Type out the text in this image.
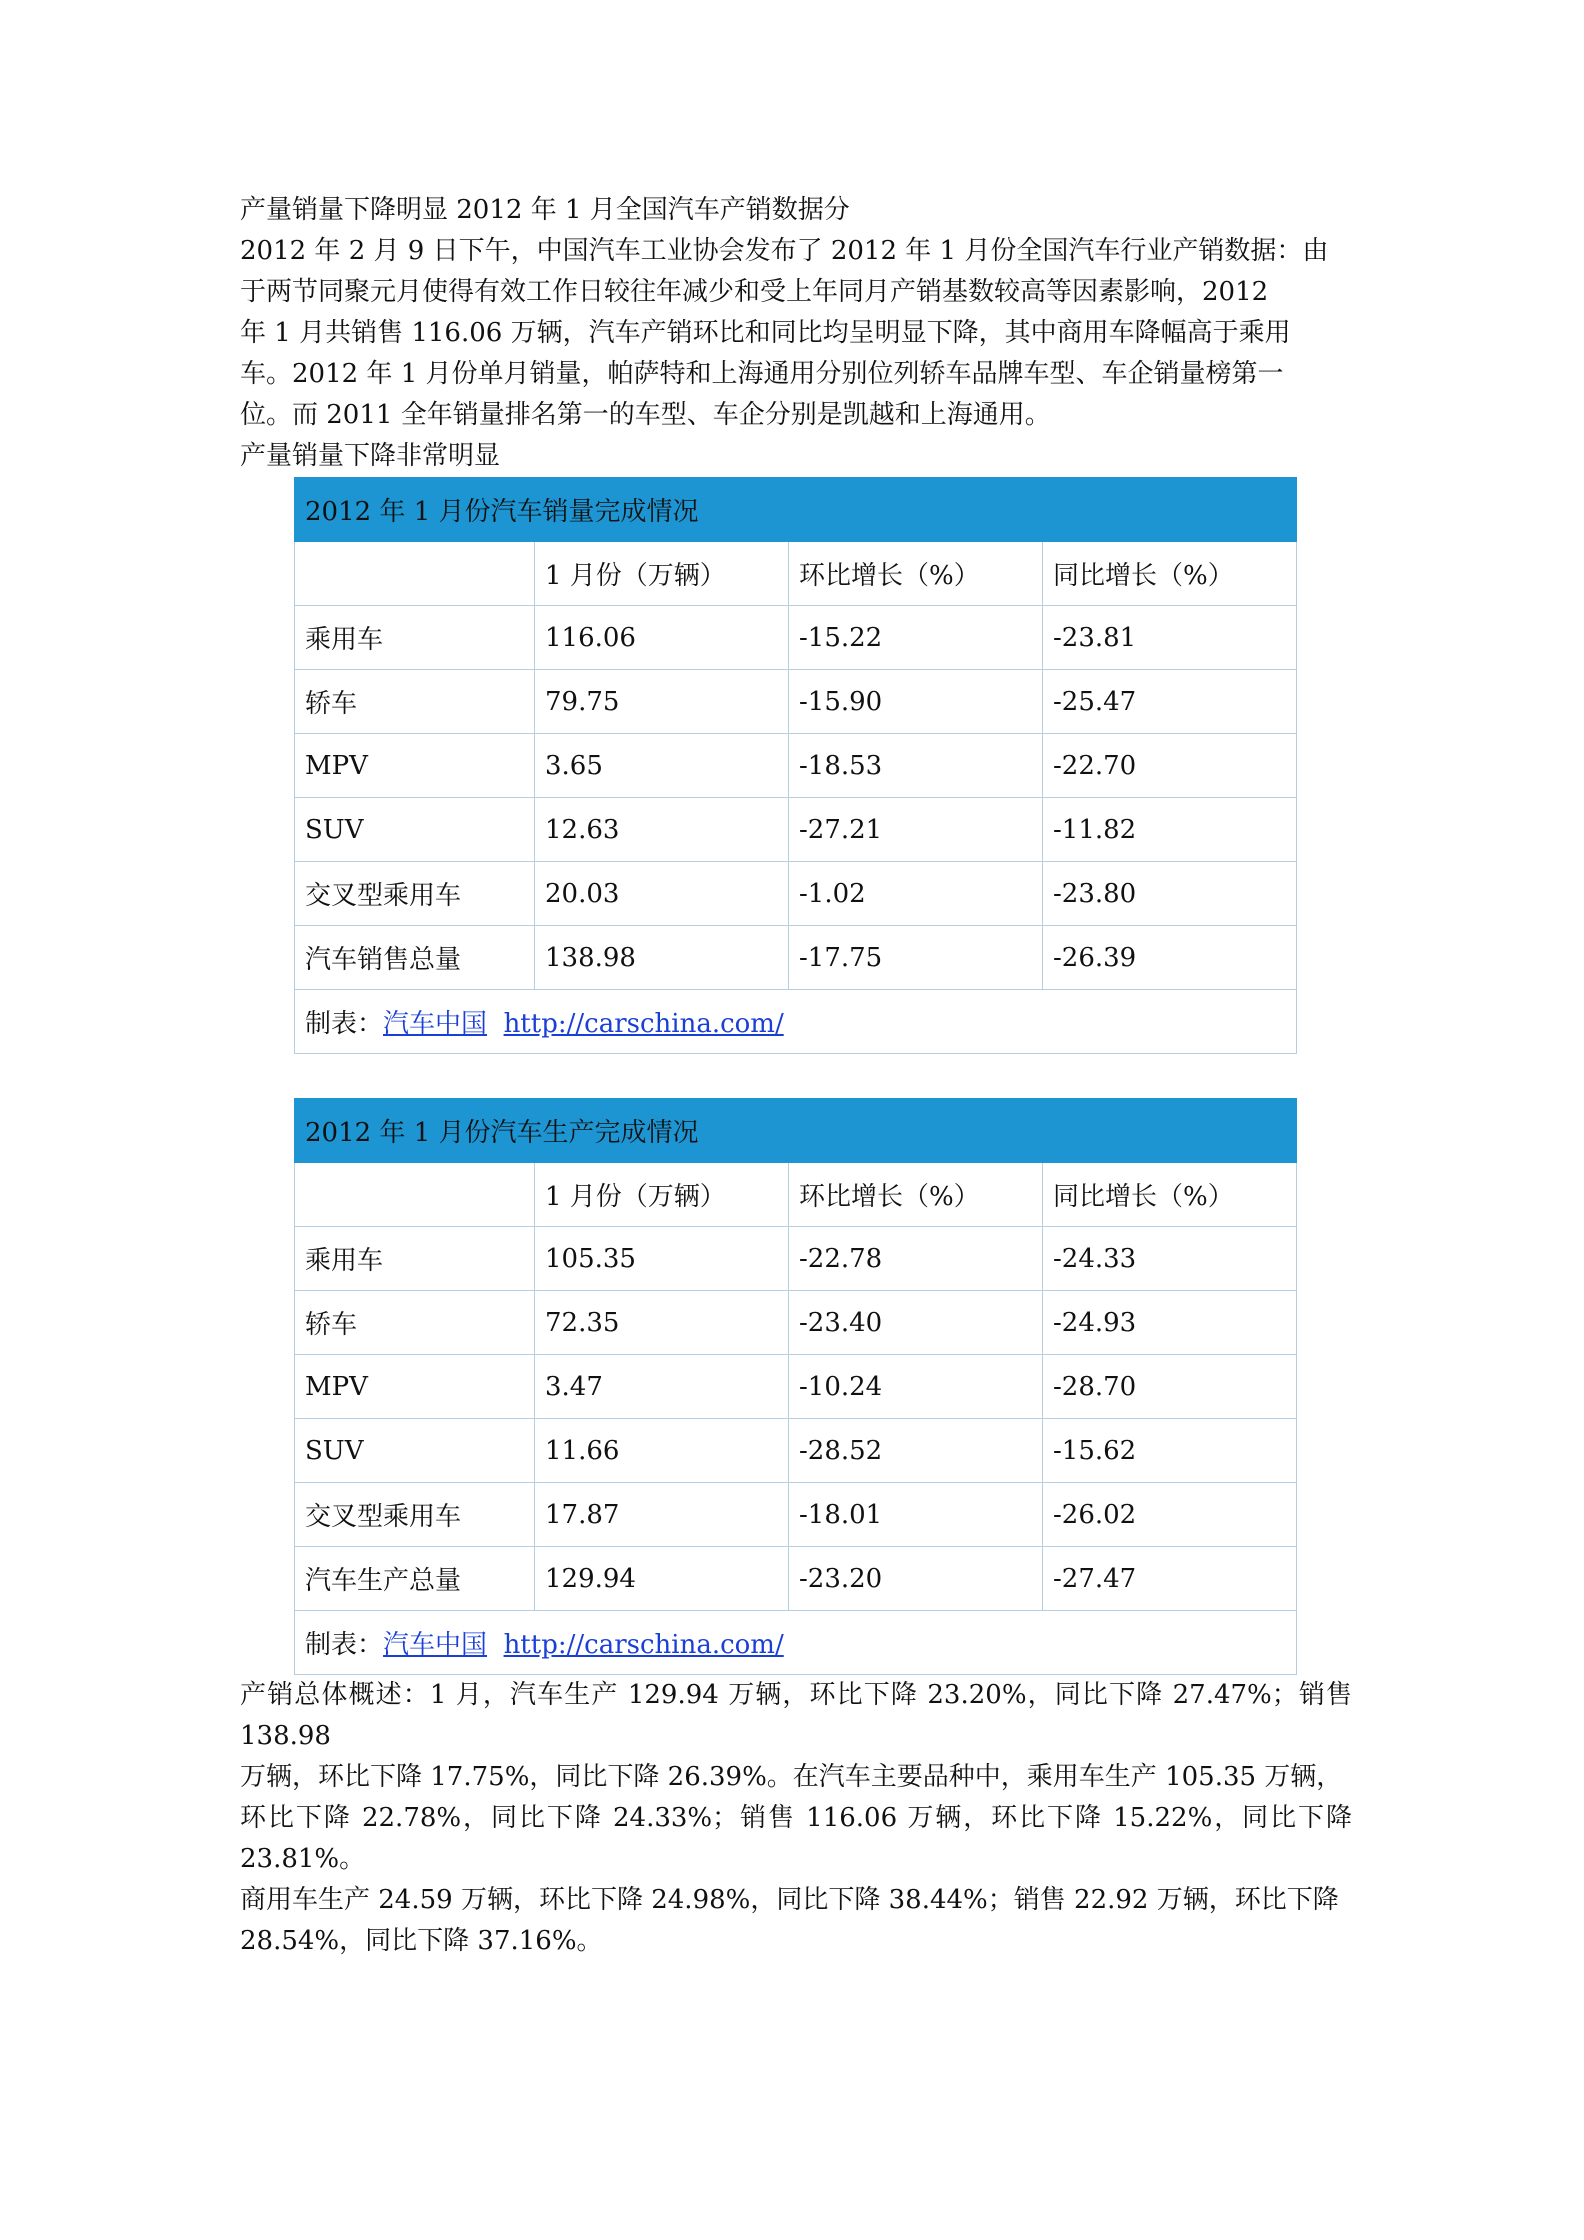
产量销量下降明显 2012 年 1 月全国汽车产销数据分

2012 年 2 月 9 日下午，中国汽车工业协会发布了 2012 年 1 月份全国汽车行业产销数据：由

于两节同聚元月使得有效工作日较往年减少和受上年同月产销基数较高等因素影响，2012

年 1 月共销售 116.06 万辆，汽车产销环比和同比均呈明显下降，其中商用车降幅高于乘用

车。2012 年 1 月份单月销量，帕萨特和上海通用分别位列轿车品牌车型、车企销量榜第一

位。而 2011 全年销量排名第一的车型、车企分别是凯越和上海通用。

产量销量下降非常明显

2012 年 1 月份汽车销量完成情况			
	1 月份（万辆）	环比增长（%）	同比增长（%）
乘用车	116.06	-15.22	-23.81
轿车	79.75	-15.90	-25.47
MPV	3.65	-18.53	-22.70
SUV	12.63	-27.21	-11.82
交叉型乘用车	20.03	-1.02	-23.80
汽车销售总量	138.98	-17.75	-26.39
制表：汽车中国 http://carschina.com/			
2012 年 1 月份汽车生产完成情况			
	1 月份（万辆）	环比增长（%）	同比增长（%）
乘用车	105.35	-22.78	-24.33
轿车	72.35	-23.40	-24.93
MPV	3.47	-10.24	-28.70
SUV	11.66	-28.52	-15.62
交叉型乘用车	17.87	-18.01	-26.02
汽车生产总量	129.94	-23.20	-27.47
制表：汽车中国 http://carschina.com/			

产销总体概述：1 月，汽车生产 129.94 万辆，环比下降 23.20%，同比下降 27.47%；销售 138.98

万辆，环比下降 17.75%，同比下降 26.39%。在汽车主要品种中，乘用车生产 105.35 万辆，

环比下降 22.78%，同比下降 24.33%；销售 116.06 万辆，环比下降 15.22%，同比下降 23.81%。

商用车生产 24.59 万辆，环比下降 24.98%，同比下降 38.44%；销售 22.92 万辆，环比下降

28.54%，同比下降 37.16%。
